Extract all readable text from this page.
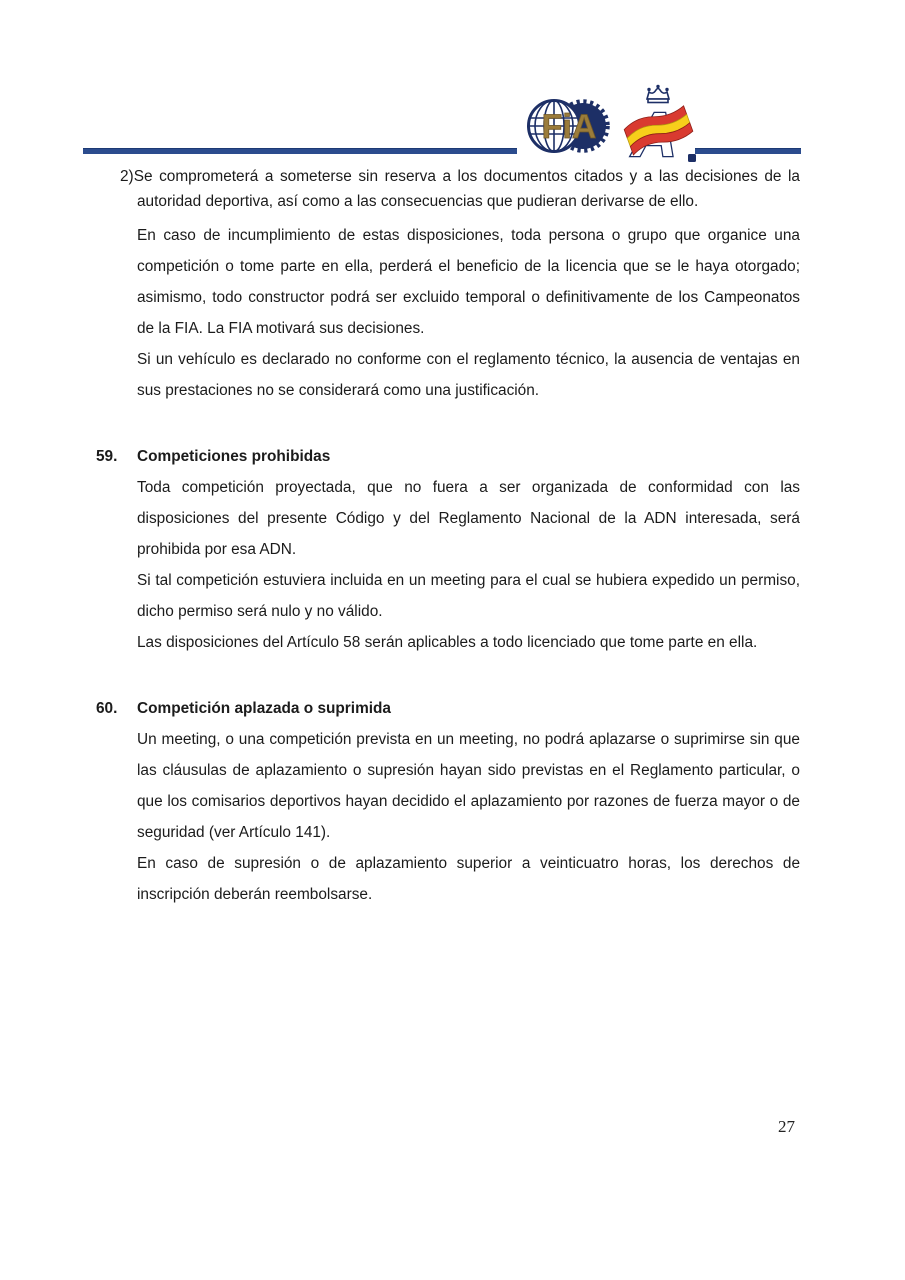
FiA

2)Se comprometerá a someterse sin reserva a los documentos citados y a las decisiones de la autoridad deportiva, así como a las consecuencias que pudieran derivarse de ello.

En caso de incumplimiento de estas disposiciones, toda persona o grupo que organice una competición o tome parte en ella, perderá el beneficio de la licencia que se le haya otorgado; asimismo, todo constructor podrá ser excluido temporal o definitivamente de los Campeonatos de la FIA. La FIA motivará sus decisiones.

Si un vehículo es declarado no conforme con el reglamento técnico, la ausencia de ventajas en sus prestaciones no se considerará como una justificación.

59. Competiciones prohibidas

Toda competición proyectada, que no fuera a ser organizada de conformidad con las disposiciones del presente Código y del Reglamento Nacional de la ADN interesada, será prohibida por esa ADN.

Si tal competición estuviera incluida en un meeting para el cual se hubiera expedido un permiso, dicho permiso será nulo y no válido.

Las disposiciones del Artículo 58 serán aplicables a todo licenciado que tome parte en ella.

60. Competición aplazada o suprimida

Un meeting, o una competición prevista en un meeting, no podrá aplazarse o suprimirse sin que las cláusulas de aplazamiento o supresión hayan sido previstas en el Reglamento particular, o que los comisarios deportivos hayan decidido el aplazamiento por razones de fuerza mayor o de seguridad (ver Artículo 141).

En caso de supresión o de aplazamiento superior a veinticuatro horas, los derechos de inscripción deberán reembolsarse.

27
